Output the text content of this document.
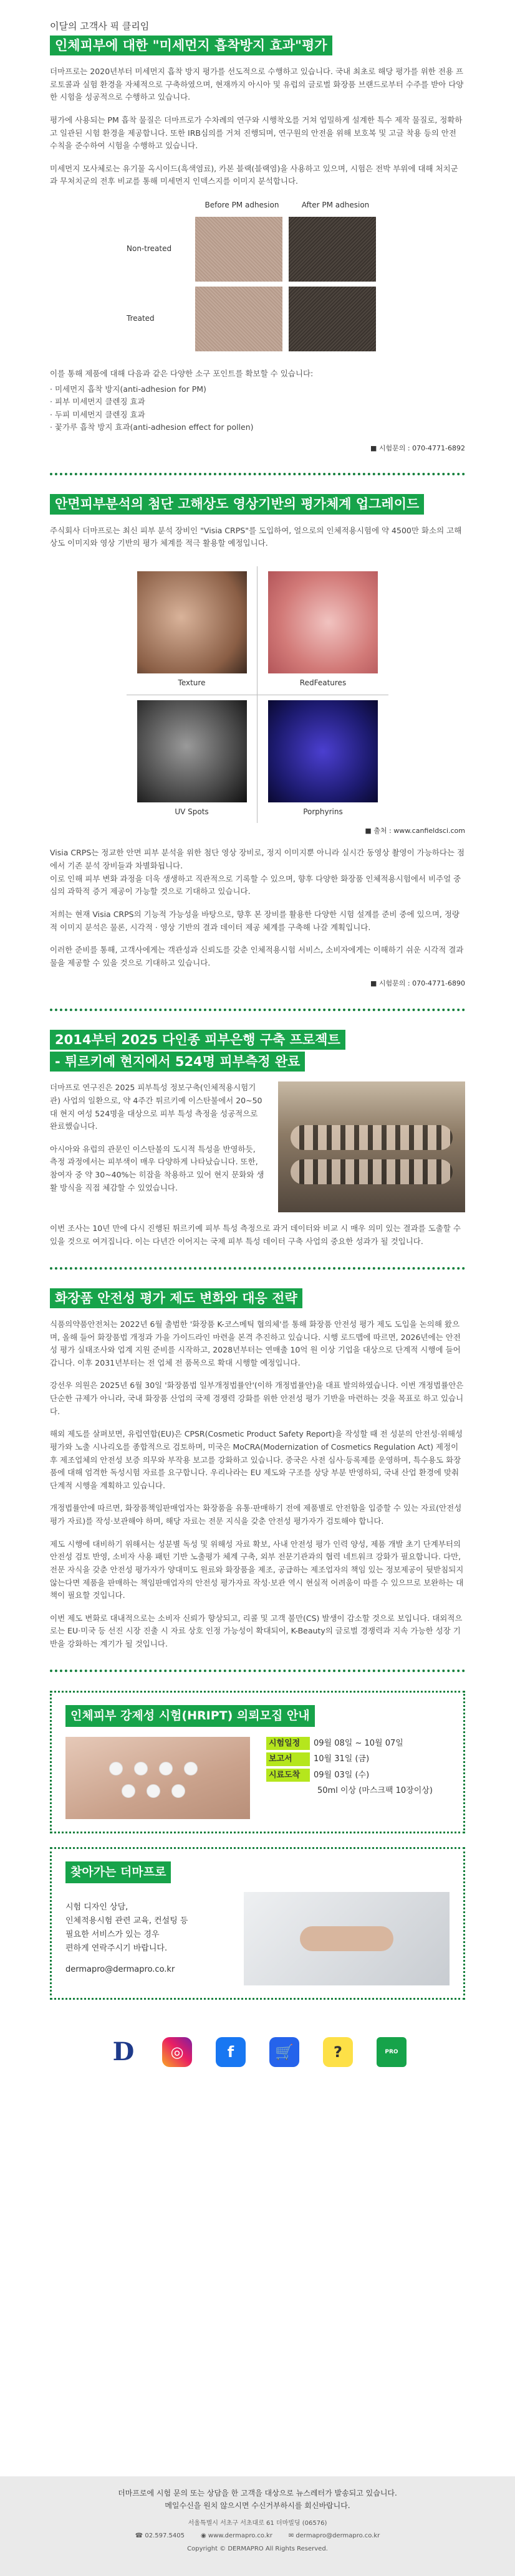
이달의 고객사 픽 클리임
인체피부에 대한 "미세먼지 흡착방지 효과"평가

더마프로는 2020년부터 미세먼지 흡착 방지 평가를 선도적으로 수행하고 있습니다. 국내 최초로 해당 평가를 위한 전용 프로토콜과 실험 환경을 자체적으로 구축하였으며, 현재까지 아시아 및 유럽의 글로벌 화장품 브랜드로부터 수주를 받아 다양한 시험을 성공적으로 수행하고 있습니다.

평가에 사용되는 PM 흡착 물질은 더마프로가 수차례의 연구와 시행착오를 거쳐 엄밀하게 설계한 특수 제작 물질로, 정확하고 일관된 시험 환경을 제공합니다. 또한 IRB심의를 거쳐 진행되며, 연구원의 안전을 위해 보호복 및 고글 착용 등의 안전 수칙을 준수하여 시험을 수행하고 있습니다.

미세먼지 모사체로는 유기물 옥시이드(흑색염료), 카본 블랙(블랙염)을 사용하고 있으며, 시험은 전박 부위에 대해 처치군과 무처치군의 전후 비교를 통해 미세먼지 인덱스지를 이미지 분석합니다.

Before PM adhesion	After PM adhesion
Non-treated
Treated

이를 통해 제품에 대해 다음과 같은 다양한 소구 포인트를 확보할 수 있습니다:

· 미세먼지 흡착 방지(anti-adhesion for PM)
· 피부 미세먼지 클렌징 효과
· 두피 미세먼지 클렌징 효과
· 꽃가루 흡착 방지 효과(anti-adhesion effect for pollen)
■ 시험문의 : 070-4771-6892
안면피부분석의 첨단 고해상도 영상기반의 평가체계 업그레이드

주식회사 더마프로는 최신 피부 분석 장비인 "Visia CRPS"를 도입하여, 얼으로의 인체적용시험에 약 4500만 화소의 고해상도 이미지와 영상 기반의 평가 체계를 적극 활용할 예정입니다.

Texture	RedFeatures
UV Spots	Porphyrins
■ 출처 : www.canfieldsci.com

Visia CRPS는 정교한 안면 피부 분석을 위한 첨단 영상 장비로, 정지 이미지뿐 아니라 실시간 동영상 촬영이 가능하다는 점에서 기존 분석 장비들과 차별화됩니다.

이로 인해 피부 변화 과정을 더욱 생생하고 직관적으로 기록할 수 있으며, 향후 다양한 화장품 인체적용시험에서 비주얼 중심의 과학적 증거 제공이 가능할 것으로 기대하고 있습니다.

저희는 현재 Visia CRPS의 기능적 가능성을 바탕으로, 향후 본 장비를 활용한 다양한 시험 설계를 준비 중에 있으며, 정량적 이미지 분석은 물론, 시각적 · 영상 기반의 결과 데이터 제공 체계를 구축해 나갈 계획입니다.

이러한 준비를 통해, 고객사에게는 객관성과 신뢰도를 갖춘 인체적용시험 서비스, 소비자에게는 이해하기 쉬운 시각적 결과물을 제공할 수 있을 것으로 기대하고 있습니다.

■ 시험문의 : 070-4771-6890
2014부터 2025 다인종 피부은행 구축 프로젝트
- 튀르키예 현지에서 524명 피부측정 완료

더마프로 연구진은 2025 피부특성 정보구축(인체적용시험기관) 사업의 일환으로, 약 4주간 튀르키예 이스탄불에서 20~50대 현지 여성 524명을 대상으로 피부 특성 측정을 성공적으로 완료했습니다.

아시아와 유럽의 관문인 이스탄불의 도시적 특성을 반영하듯, 측정 과정에서는 피부색이 매우 다양하게 나타났습니다. 또한, 참여자 중 약 30~40%는 히잡을 착용하고 있어 현지 문화와 생활 방식을 직접 체감할 수 있었습니다.

이번 조사는 10년 만에 다시 진행된 튀르키예 피부 특성 측정으로 과거 데이터와 비교 시 매우 의미 있는 결과를 도출할 수 있을 것으로 여겨집니다. 이는 다년간 이어지는 국제 피부 특성 데이터 구축 사업의 중요한 성과가 될 것입니다.

화장품 안전성 평가 제도 변화와 대응 전략

식품의약품안전처는 2022년 6월 출범한 '화장품 K-코스메틱 협의체'를 통해 화장품 안전성 평가 제도 도입을 논의해 왔으며, 올해 들어 화장품법 개정과 가을 가이드라인 마련을 본격 추진하고 있습니다. 시행 로드맵에 따르면, 2026년에는 안전성 평가 실태조사와 업계 지원 준비를 시작하고, 2028년부터는 연매출 10억 원 이상 기업을 대상으로 단계적 시행에 들어갑니다. 이후 2031년부터는 전 업체 전 품목으로 확대 시행할 예정입니다.

강선우 의원은 2025년 6월 30일 '화장품법 일부개정법률안'(이하 개정법률안)을 대표 발의하였습니다. 이번 개정법률안은 단순한 규제가 아니라, 국내 화장품 산업의 국제 경쟁력 강화를 위한 안전성 평가 기반을 마련하는 것을 목표로 하고 있습니다.

해외 제도를 살펴보면, 유럽연합(EU)은 CPSR(Cosmetic Product Safety Report)을 작성할 때 전 성분의 안전성·위해성 평가와 노출 시나리오를 종합적으로 검토하며, 미국은 MoCRA(Modernization of Cosmetics Regulation Act) 제정이후 제조업체의 안전성 보증 의무와 부작용 보고를 강화하고 있습니다. 중국은 사전 심사·등록제를 운영하며, 특수용도 화장품에 대해 엄격한 독성시험 자료를 요구합니다. 우리나라는 EU 제도와 구조를 상당 부분 반영하되, 국내 산업 환경에 맞춰 단계적 시행을 계획하고 있습니다.

개정법률안에 따르면, 화장품책임판매업자는 화장품을 유통·판매하기 전에 제품별로 안전함을 입증할 수 있는 자료(안전성 평가 자료)를 작성·보관해야 하며, 해당 자료는 전문 지식을 갖춘 안전성 평가자가 검토해야 합니다.

제도 시행에 대비하기 위해서는 성분별 독성 및 위해성 자료 확보, 사내 안전성 평가 인력 양성, 제품 개발 초기 단계부터의 안전성 검토 반영, 소비자 사용 패턴 기반 노출평가 체계 구축, 외부 전문기관과의 협력 네트워크 강화가 필요합니다. 다만, 전문 자식을 갖춘 안전성 평가자가 양대미도 원료와 화장품을 제조, 공급하는 제조업자의 책임 있는 정보제공이 뒷받침되지 않는다면 제품을 판매하는 책임판매업자의 안전성 평가자료 작성·보관 역시 현실적 어려움이 따를 수 있으므로 보완하는 대책이 필요할 것입니다.

이번 제도 변화로 대내적으로는 소비자 신뢰가 향상되고, 리콜 및 고객 불만(CS) 발생이 감소할 것으로 보입니다. 대외적으로는 EU·미국 등 선진 시장 진출 시 자료 상호 인정 가능성이 확대되어, K-Beauty의 글로벌 경쟁력과 지속 가능한 성장 기반을 강화하는 계기가 될 것입니다.

인체피부 강제성 시험(HRIPT) 의뢰모집 안내
시험일정 09월 08일 ~ 10월 07일
보고서	10월 31일 (금)
시료도착 09월 03일 (수)
50ml 이상 (마스크팩 10장이상)
찾아가는 더마프로
시험 디자인 상담,
인체적용시험 관련 교육, 컨설팅 등
필요한 서비스가 있는 경우
편하게 연락주시기 바랍니다.
dermapro@dermapro.co.kr
D	◎	f	🛒	?	PRO
더마프로에 시험 문의 또는 상담을 한 고객을 대상으로 뉴스레터가 발송되고 있습니다.
메일수신을 원치 않으시면 수신거부하시를 회신바랍니다.
서울특별시 서초구 서초대로 61 더마빌딩 (06576)
☎ 02.597.5405	◉ www.dermapro.co.kr	✉ dermapro@dermapro.co.kr
Copyright © DERMAPRO All Rights Reserved.
